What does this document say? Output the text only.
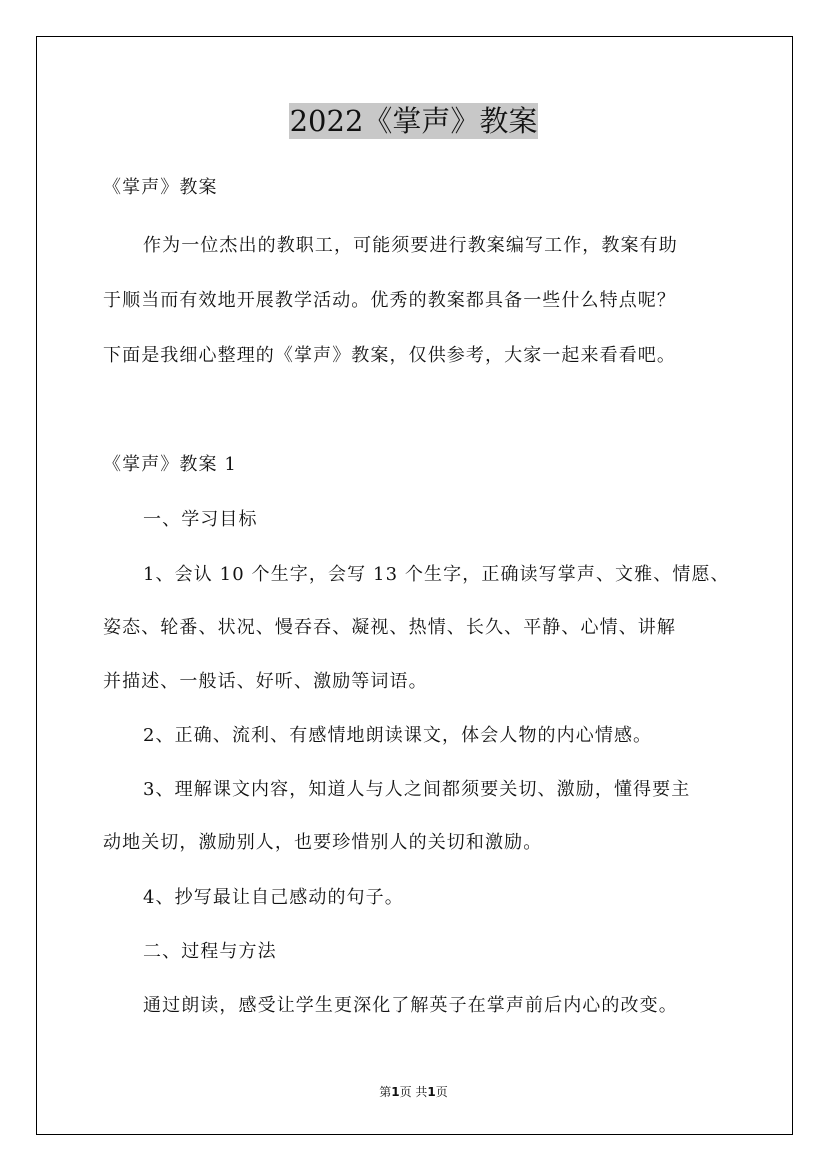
2022《掌声》教案
《掌声》教案
作为一位杰出的教职工，可能须要进行教案编写工作，教案有助
于顺当而有效地开展教学活动。优秀的教案都具备一些什么特点呢？
下面是我细心整理的《掌声》教案，仅供参考，大家一起来看看吧。
《掌声》教案 1
一、学习目标
1、会认 10 个生字，会写 13 个生字，正确读写掌声、文雅、情愿、
姿态、轮番、状况、慢吞吞、凝视、热情、长久、平静、心情、讲解
并描述、一般话、好听、激励等词语。
2、正确、流利、有感情地朗读课文，体会人物的内心情感。
3、理解课文内容，知道人与人之间都须要关切、激励，懂得要主
动地关切，激励别人，也要珍惜别人的关切和激励。
4、抄写最让自己感动的句子。
二、过程与方法
通过朗读，感受让学生更深化了解英子在掌声前后内心的改变。
第1页 共1页
